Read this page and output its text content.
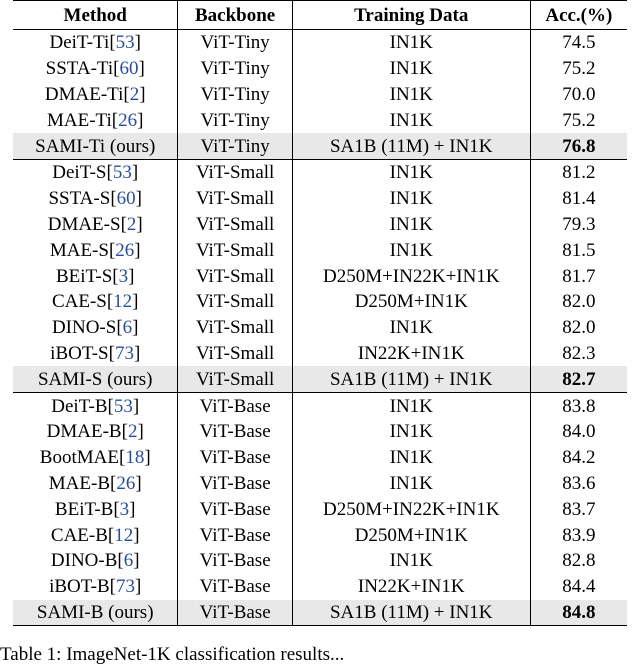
Method	Backbone	Training Data	Acc.(%)
DeiT-Ti[53]	ViT-Tiny	IN1K	74.5
SSTA-Ti[60]	ViT-Tiny	IN1K	75.2
DMAE-Ti[2]	ViT-Tiny	IN1K	70.0
MAE-Ti[26]	ViT-Tiny	IN1K	75.2
SAMI-Ti (ours)	ViT-Tiny	SA1B (11M) + IN1K	76.8
DeiT-S[53]	ViT-Small	IN1K	81.2
SSTA-S[60]	ViT-Small	IN1K	81.4
DMAE-S[2]	ViT-Small	IN1K	79.3
MAE-S[26]	ViT-Small	IN1K	81.5
BEiT-S[3]	ViT-Small	D250M+IN22K+IN1K	81.7
CAE-S[12]	ViT-Small	D250M+IN1K	82.0
DINO-S[6]	ViT-Small	IN1K	82.0
iBOT-S[73]	ViT-Small	IN22K+IN1K	82.3
SAMI-S (ours)	ViT-Small	SA1B (11M) + IN1K	82.7
DeiT-B[53]	ViT-Base	IN1K	83.8
DMAE-B[2]	ViT-Base	IN1K	84.0
BootMAE[18]	ViT-Base	IN1K	84.2
MAE-B[26]	ViT-Base	IN1K	83.6
BEiT-B[3]	ViT-Base	D250M+IN22K+IN1K	83.7
CAE-B[12]	ViT-Base	D250M+IN1K	83.9
DINO-B[6]	ViT-Base	IN1K	82.8
iBOT-B[73]	ViT-Base	IN22K+IN1K	84.4
SAMI-B (ours)	ViT-Base	SA1B (11M) + IN1K	84.8
Table 1: ImageNet-1K classification results...
